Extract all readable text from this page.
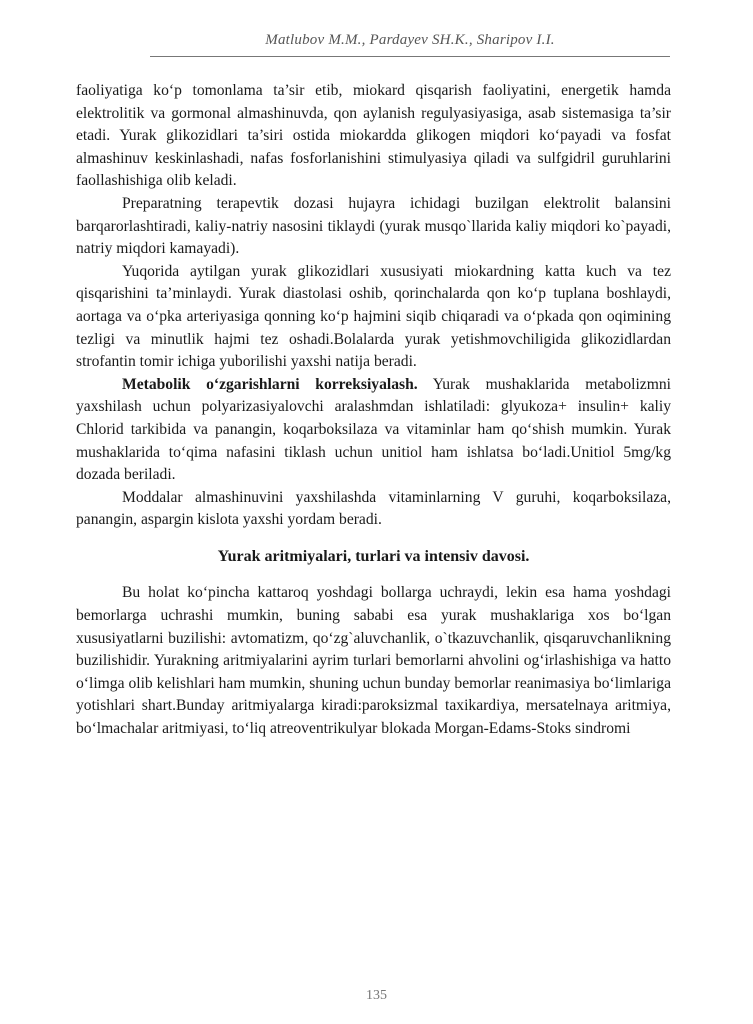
Matlubov M.M., Pardayev SH.K., Sharipov I.I.

faoliyatiga ko‘p tomonlama ta’sir etib, miokard qisqarish faoliyatini, energetik hamda elektrolitik va gormonal almashinuvda, qon aylanish regulyasiyasiga, asab sistemasiga ta’sir etadi. Yurak glikozidlari ta’siri ostida miokardda glikogen miqdori ko‘payadi va fosfat almashinuv keskinlashadi, nafas fosforlanishini stimulyasiya qiladi va sulfgidril guruhlarini faollashishiga olib keladi.

Preparatning terapevtik dozasi hujayra ichidagi buzilgan elektrolit balansini barqarorlashtiradi, kaliy-natriy nasosini tiklaydi (yurak musqo`llarida kaliy miqdori ko`payadi, natriy miqdori kamayadi).

Yuqorida aytilgan yurak glikozidlari xususiyati miokardning katta kuch va tez qisqarishini ta’minlaydi. Yurak diastolasi oshib, qorinchalarda qon ko‘p tuplana boshlaydi, aortaga va o‘pka arteriyasiga qonning ko‘p hajmini siqib chiqaradi va o‘pkada qon oqimining tezligi va minutlik hajmi tez oshadi.Bolalarda yurak yetishmovchiligida glikozidlardan strofantin tomir ichiga yuborilishi yaxshi natija beradi.

Metabolik o‘zgarishlarni korreksiyalash. Yurak mushaklarida metabolizmni yaxshilash uchun polyarizasiyalovchi aralashmdan ishlatiladi: glyukoza+ insulin+ kaliy Chlorid tarkibida va panangin, koqarboksilaza va vitaminlar ham qo‘shish mumkin. Yurak mushaklarida to‘qima nafasini tiklash uchun unitiol ham ishlatsa bo‘ladi.Unitiol 5mg/kg dozada beriladi.

Moddalar almashinuvini yaxshilashda vitaminlarning V guruhi, koqarboksilaza, panangin, aspargin kislota yaxshi yordam beradi.

Yurak aritmiyalari, turlari va intensiv davosi.

Bu holat ko‘pincha kattaroq yoshdagi bollarga uchraydi, lekin esa hama yoshdagi bemorlarga uchrashi mumkin, buning sababi esa yurak mushaklariga xos bo‘lgan xususiyatlarni buzilishi: avtomatizm, qo‘zg`aluvchanlik, o`tkazuvchanlik, qisqaruvchanlikning buzilishidir. Yurakning aritmiyalarini ayrim turlari bemorlarni ahvolini og‘irlashishiga va hatto o‘limga olib kelishlari ham mumkin, shuning uchun bunday bemorlar reanimasiya bo‘limlariga yotishlari shart.Bunday aritmiyalarga kiradi:paroksizmal taxikardiya, mersatelnaya aritmiya, bo‘lmachalar aritmiyasi, to‘liq atreoventrikulyar blokada Morgan-Edams-Stoks sindromi

135
